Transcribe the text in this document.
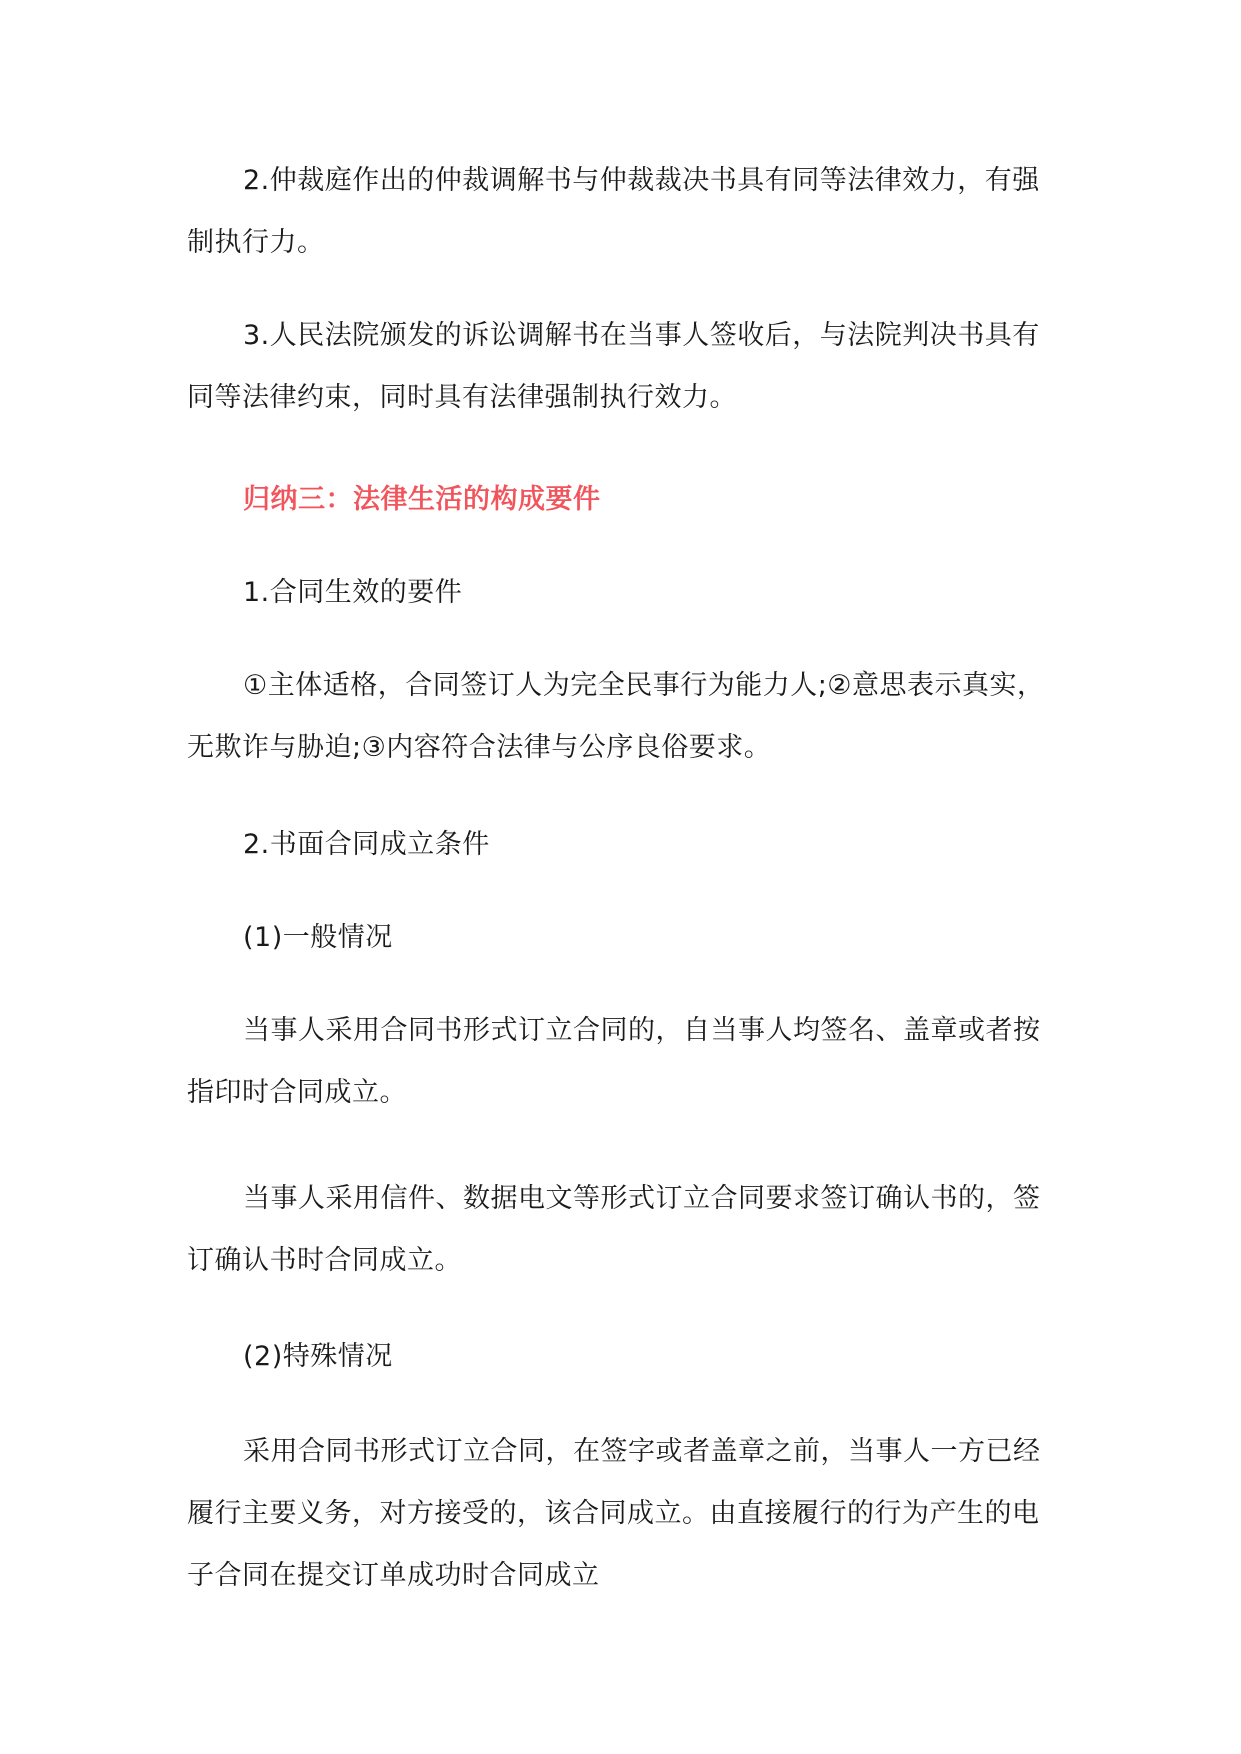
2.仲裁庭作出的仲裁调解书与仲裁裁决书具有同等法律效力，有强制执行力。

3.人民法院颁发的诉讼调解书在当事人签收后，与法院判决书具有同等法律约束，同时具有法律强制执行效力。

归纳三：法律生活的构成要件

1.合同生效的要件

①主体适格，合同签订人为完全民事行为能力人;②意思表示真实，无欺诈与胁迫;③内容符合法律与公序良俗要求。

2.书面合同成立条件

(1)一般情况

当事人采用合同书形式订立合同的，自当事人均签名、盖章或者按指印时合同成立。

当事人采用信件、数据电文等形式订立合同要求签订确认书的，签订确认书时合同成立。

(2)特殊情况

采用合同书形式订立合同，在签字或者盖章之前，当事人一方已经履行主要义务，对方接受的，该合同成立。由直接履行的行为产生的电子合同在提交订单成功时合同成立
